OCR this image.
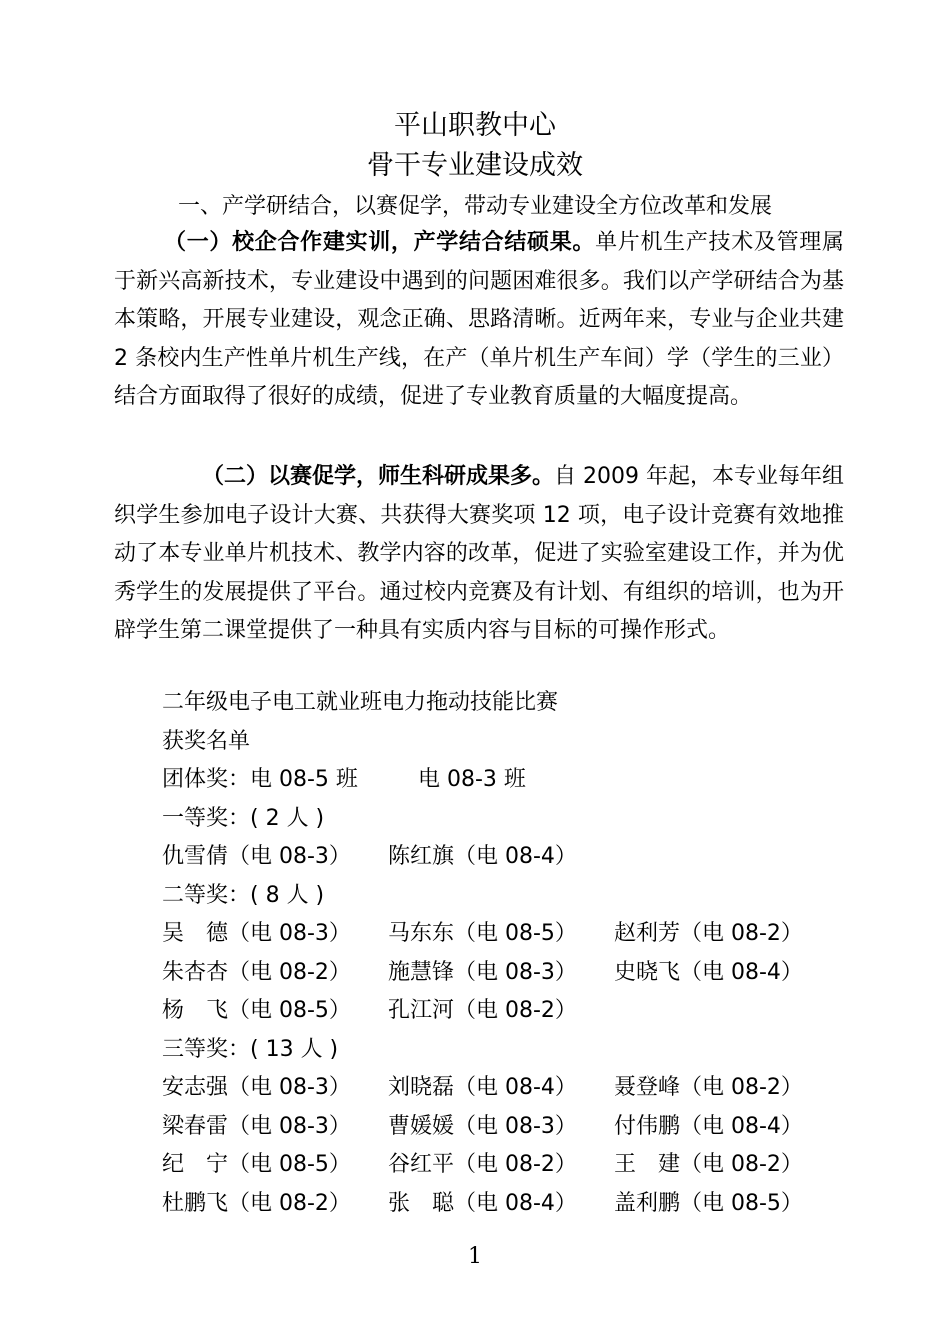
平山职教中心
骨干专业建设成效
一、产学研结合，以赛促学，带动专业建设全方位改革和发展
（一）校企合作建实训，产学结合结硕果。单片机生产技术及管理属于新兴高新技术，专业建设中遇到的问题困难很多。我们以产学研结合为基本策略，开展专业建设，观念正确、思路清晰。近两年来，专业与企业共建 2 条校内生产性单片机生产线，在产（单片机生产车间）学（学生的三业）结合方面取得了很好的成绩，促进了专业教育质量的大幅度提高。
（二）以赛促学，师生科研成果多。自 2009 年起，本专业每年组织学生参加电子设计大赛、共获得大赛奖项 12 项，电子设计竞赛有效地推动了本专业单片机技术、教学内容的改革，促进了实验室建设工作，并为优秀学生的发展提供了平台。通过校内竞赛及有计划、有组织的培训，也为开辟学生第二课堂提供了一种具有实质内容与目标的可操作形式。
二年级电子电工就业班电力拖动技能比赛
获奖名单
团体奖：电 08-5 班	电 08-3 班
一等奖：( 2 人 )
仇雪倩（电 08-3）	陈红旗（电 08-4）
二等奖：( 8 人 )
吴　德（电 08-3）	马东东（电 08-5）	赵利芳（电 08-2）
朱杏杏（电 08-2）	施慧锋（电 08-3）	史晓飞（电 08-4）
杨　飞（电 08-5）	孔江河（电 08-2）
三等奖：( 13 人 )
安志强（电 08-3）	刘晓磊（电 08-4）	聂登峰（电 08-2）
梁春雷（电 08-3）	曹媛媛（电 08-3）	付伟鹏（电 08-4）
纪　宁（电 08-5）	谷红平（电 08-2）	王　建（电 08-2）
杜鹏飞（电 08-2）	张　聪（电 08-4）	盖利鹏（电 08-5）
1
